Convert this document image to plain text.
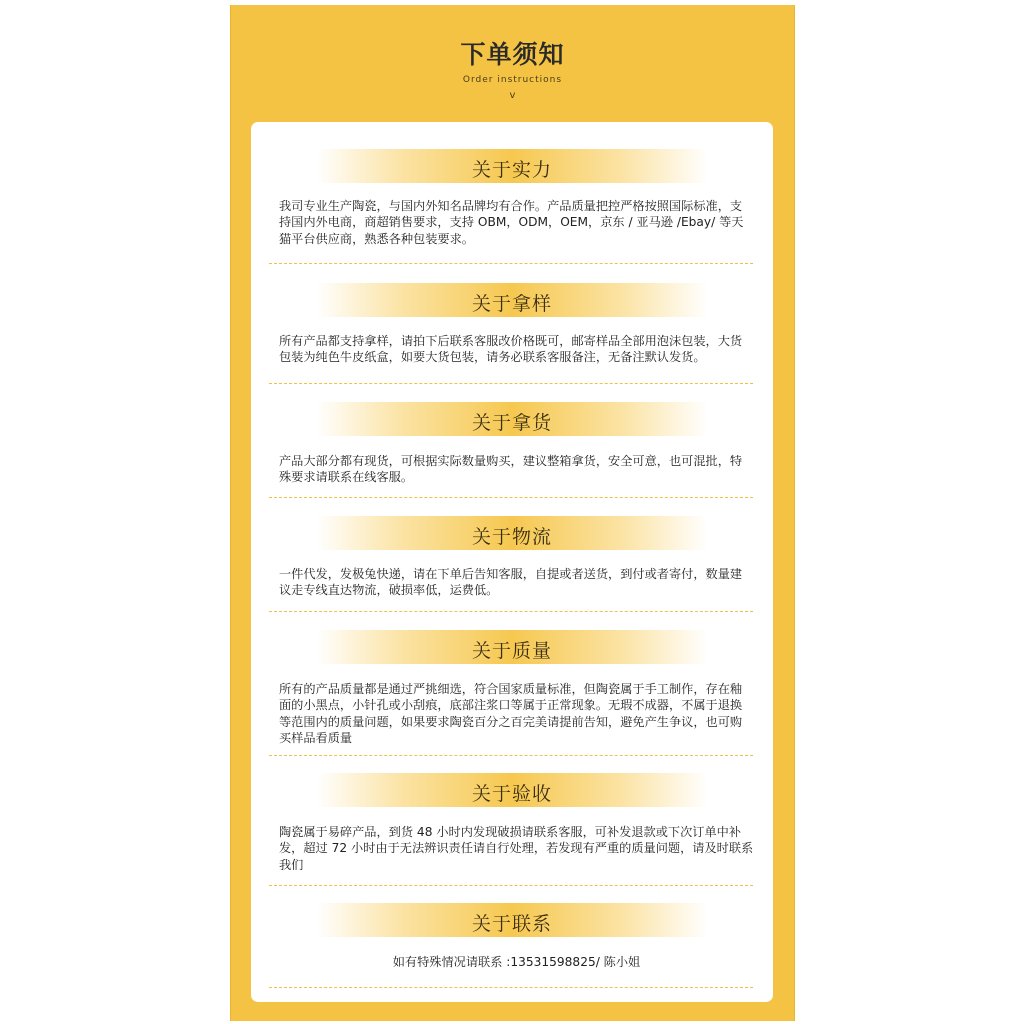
下单须知
Order instructions
v
关于实力
我司专业生产陶瓷，与国内外知名品牌均有合作。产品质量把控严格按照国际标准，支持国内外电商，商超销售要求，支持 OBM，ODM，OEM，京东 / 亚马逊 /Ebay/ 等天猫平台供应商，熟悉各种包装要求。
关于拿样
所有产品都支持拿样，请拍下后联系客服改价格既可，邮寄样品全部用泡沫包装，大货包装为纯色牛皮纸盒，如要大货包装，请务必联系客服备注，无备注默认发货。
关于拿货
产品大部分都有现货，可根据实际数量购买，建议整箱拿货，安全可意，也可混批，特殊要求请联系在线客服。
关于物流
一件代发，发极兔快递，请在下单后告知客服，自提或者送货，到付或者寄付，数量建议走专线直达物流，破损率低，运费低。
关于质量
所有的产品质量都是通过严挑细选，符合国家质量标准，但陶瓷属于手工制作，存在釉面的小黑点，小针孔或小刮痕，底部注浆口等属于正常现象。无瑕不成器，不属于退换等范围内的质量问题，如果要求陶瓷百分之百完美请提前告知，避免产生争议，也可购买样品看质量
关于验收
陶瓷属于易碎产品，到货 48 小时内发现破损请联系客服，可补发退款或下次订单中补发，超过 72 小时由于无法辨识责任请自行处理，若发现有严重的质量问题，请及时联系我们
关于联系
如有特殊情况请联系 :13531598825/ 陈小姐
